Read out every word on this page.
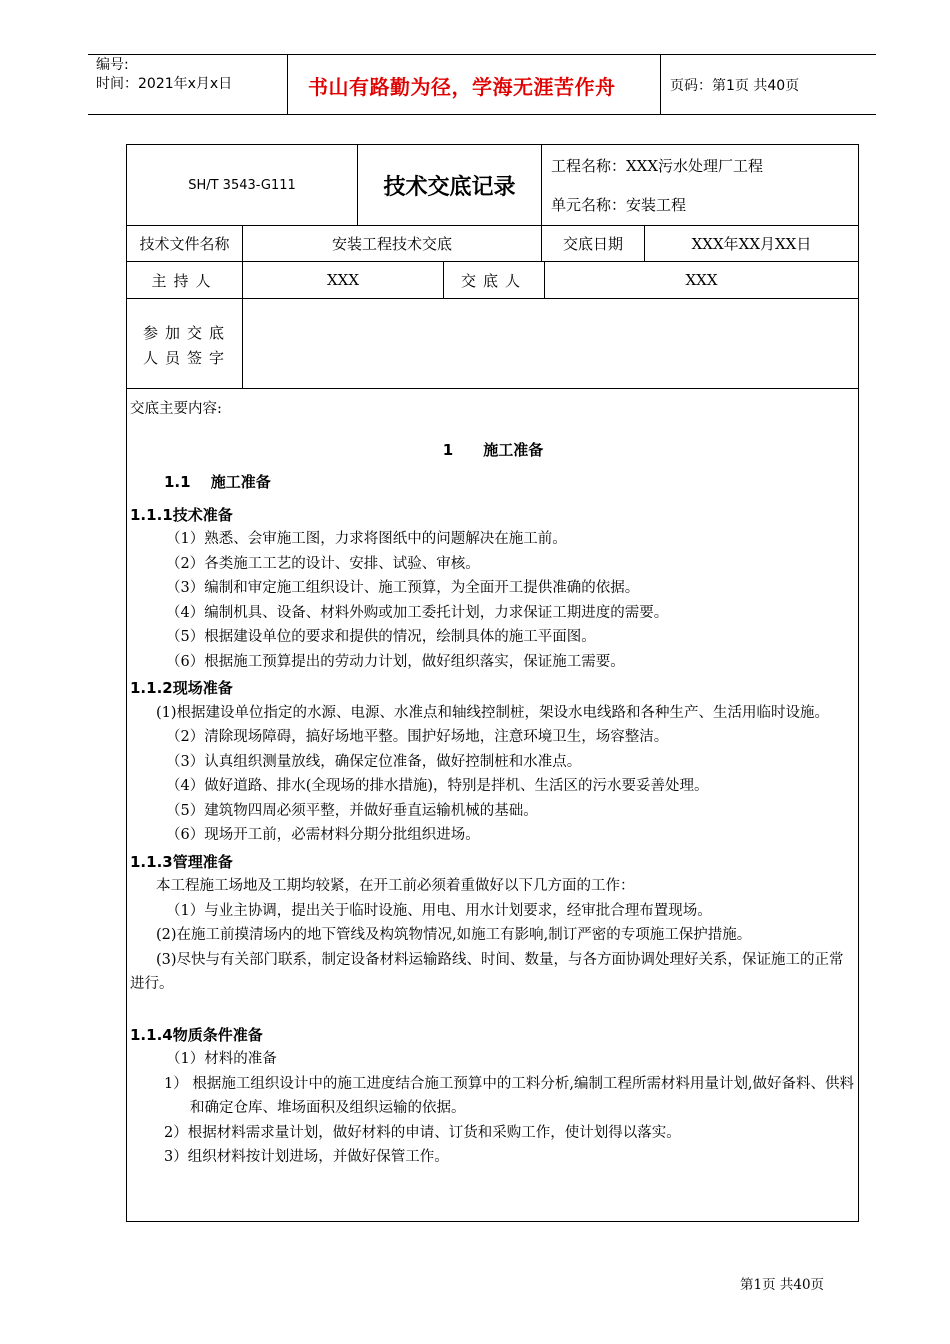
编号:
时间：2021年x月x日	书山有路勤为径，学海无涯苦作舟	页码：第1页 共40页
SH/T 3543-G111	技术交底记录
工程名称：XXX污水处理厂工程
单元名称：安装工程
技术文件名称	安装工程技术交底	交底日期	XXX年XX月XX日
主持人	XXX	交底人	XXX
参加交底
人员签字

交底主要内容:

1　　施工准备

1.1　 施工准备

1.1.1技术准备

（1）熟悉、会审施工图，力求将图纸中的问题解决在施工前。

（2）各类施工工艺的设计、安排、试验、审核。

（3）编制和审定施工组织设计、施工预算，为全面开工提供准确的依据。

（4）编制机具、设备、材料外购或加工委托计划，力求保证工期进度的需要。

（5）根据建设单位的要求和提供的情况，绘制具体的施工平面图。

（6）根据施工预算提出的劳动力计划，做好组织落实，保证施工需要。

1.1.2现场准备

(1)根据建设单位指定的水源、电源、水准点和轴线控制桩，架设水电线路和各种生产、生活用临时设施。

（2）清除现场障碍，搞好场地平整。围护好场地，注意环境卫生，场容整洁。

（3）认真组织测量放线，确保定位准备，做好控制桩和水准点。

（4）做好道路、排水(全现场的排水措施)，特别是拌机、生活区的污水要妥善处理。

（5）建筑物四周必须平整，并做好垂直运输机械的基础。

（6）现场开工前，必需材料分期分批组织进场。

1.1.3管理准备

本工程施工场地及工期均较紧，在开工前必须着重做好以下几方面的工作：

（1）与业主协调，提出关于临时设施、用电、用水计划要求，经审批合理布置现场。

(2)在施工前摸清场内的地下管线及构筑物情况,如施工有影响,制订严密的专项施工保护措施。

(3)尽快与有关部门联系，制定设备材料运输路线、时间、数量，与各方面协调处理好关系，保证施工的正常进行。

1.1.4物质条件准备

（1）材料的准备

1） 根据施工组织设计中的施工进度结合施工预算中的工料分析,编制工程所需材料用量计划,做好备料、供料和确定仓库、堆场面积及组织运输的依据。

2）根据材料需求量计划，做好材料的申请、订货和采购工作，使计划得以落实。

3）组织材料按计划进场，并做好保管工作。

第1页 共40页
